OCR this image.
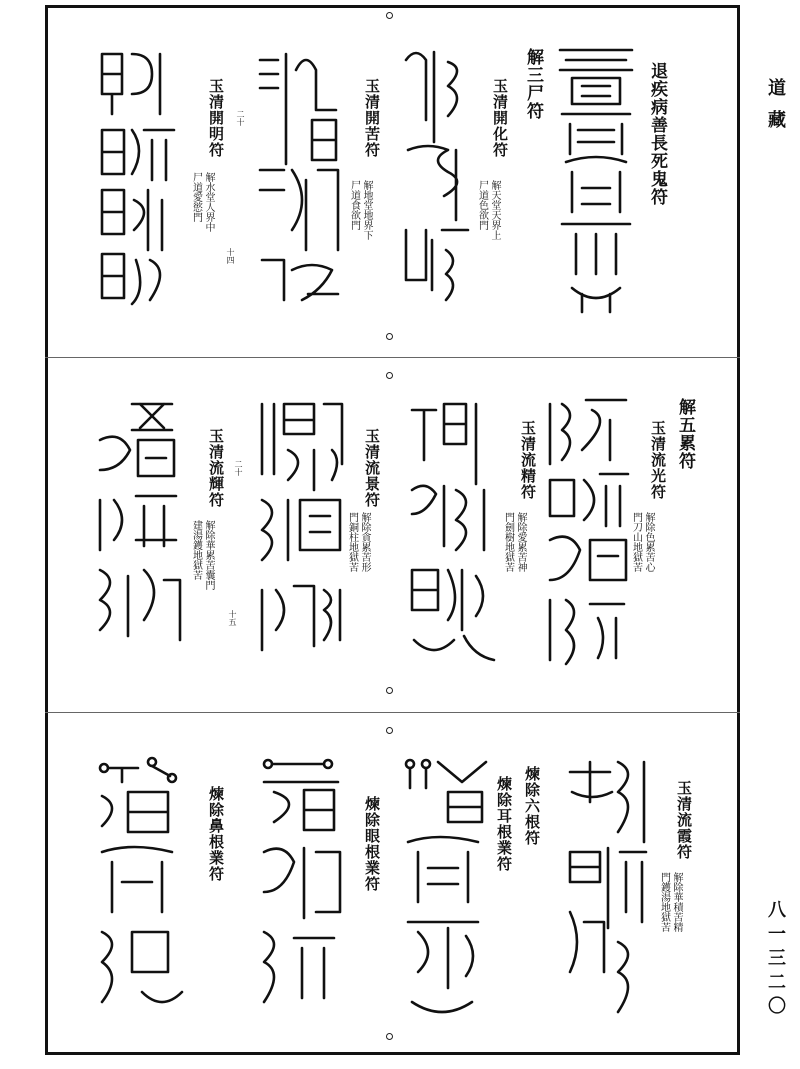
道藏
八一三二〇
退疾病善長死鬼符
解三尸符
玉清開化符
解天堂天界上
尸道色欲門
玉清開苦符
解地堂地界下
尸道食欲門
玉清開明符
解水堂人界中
尸道愛慾門
十四
二十
解五累符
玉清流光符
解除色累苦心
門刀山地獄苦
玉清流精符
解除愛累苦神
門劍樹地獄苦
玉清流景符
解除貪累苦形
門銅柱地獄苦
玉清流輝符
解除華累苦囊門
建湯鑊地獄苦
十五
二十
玉清流霞符
解除華積苦精
門鑊湯地獄苦
煉除六根符
煉除耳根業符
煉除眼根業符
煉除鼻根業符
